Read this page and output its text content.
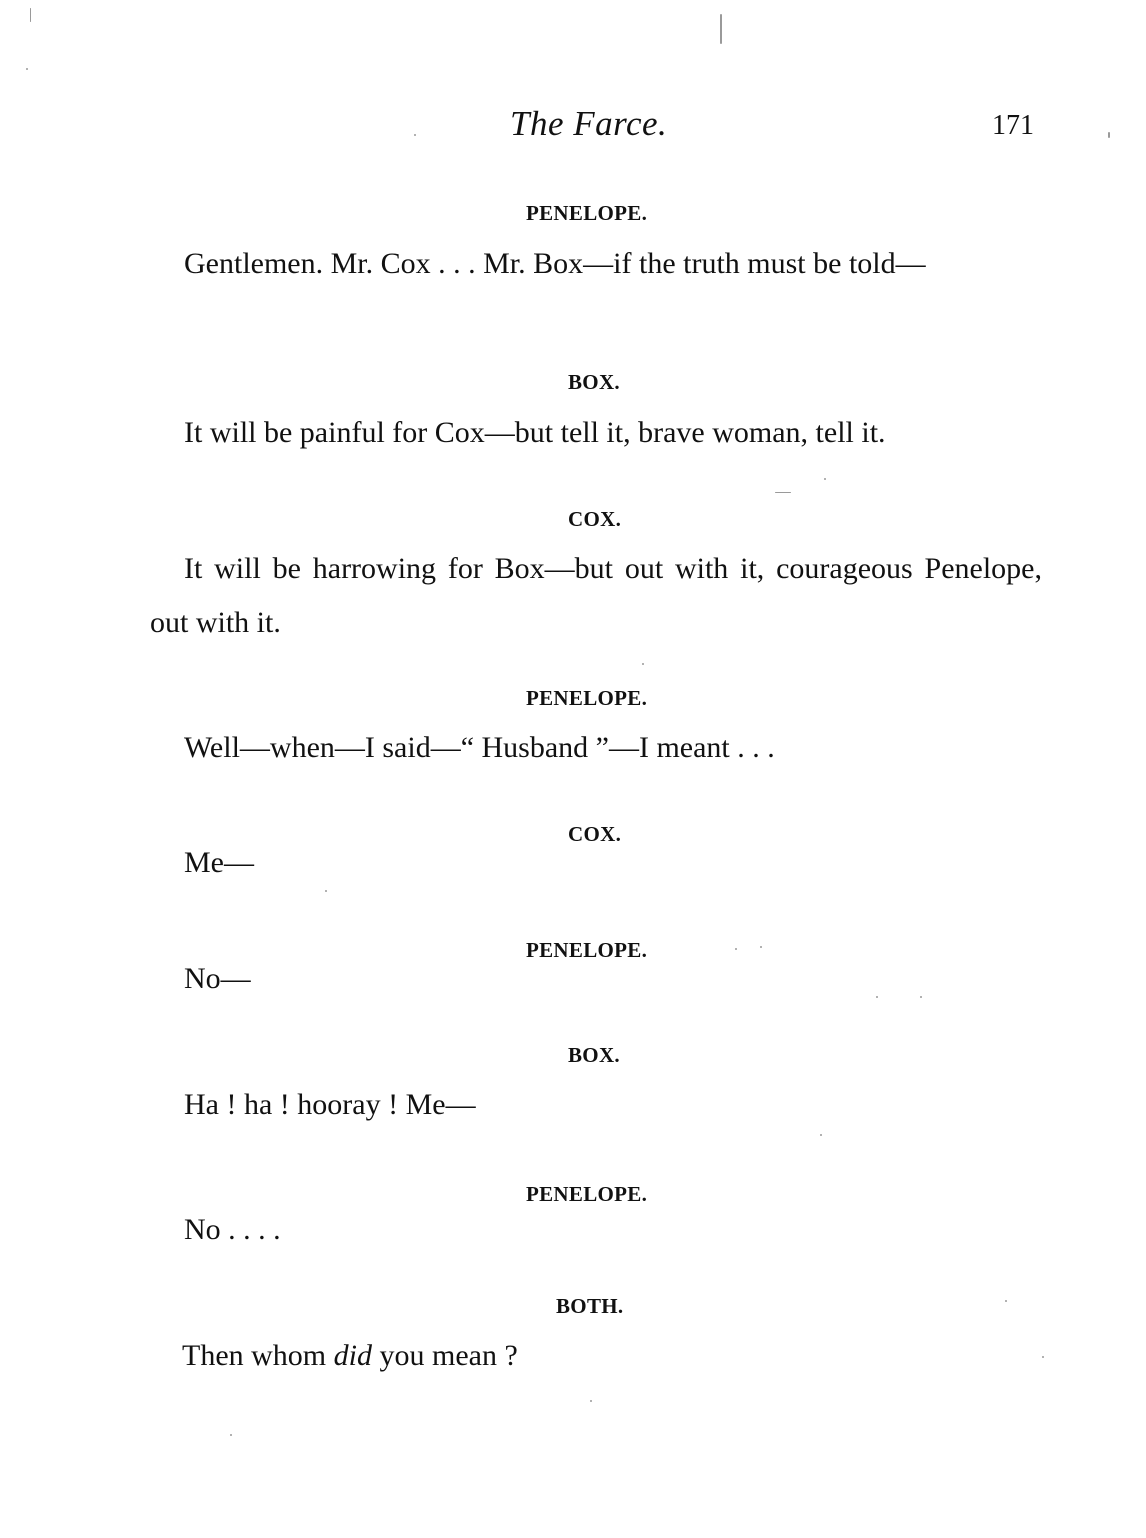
The Farce.	171
PENELOPE.
Gentlemen. Mr. Cox . . . Mr. Box—if the truth must be told—
BOX.
It will be painful for Cox—but tell it, brave woman, tell it.
COX.
It will be harrowing for Box—but out with it, courageous Penelope, out with it.
PENELOPE.
Well—when—I said—“ Husband ”—I meant . . .
COX.
Me—
PENELOPE.
No—
BOX.
Ha ! ha ! hooray ! Me—
PENELOPE.
No . . . .
BOTH.
Then whom did you mean ?
